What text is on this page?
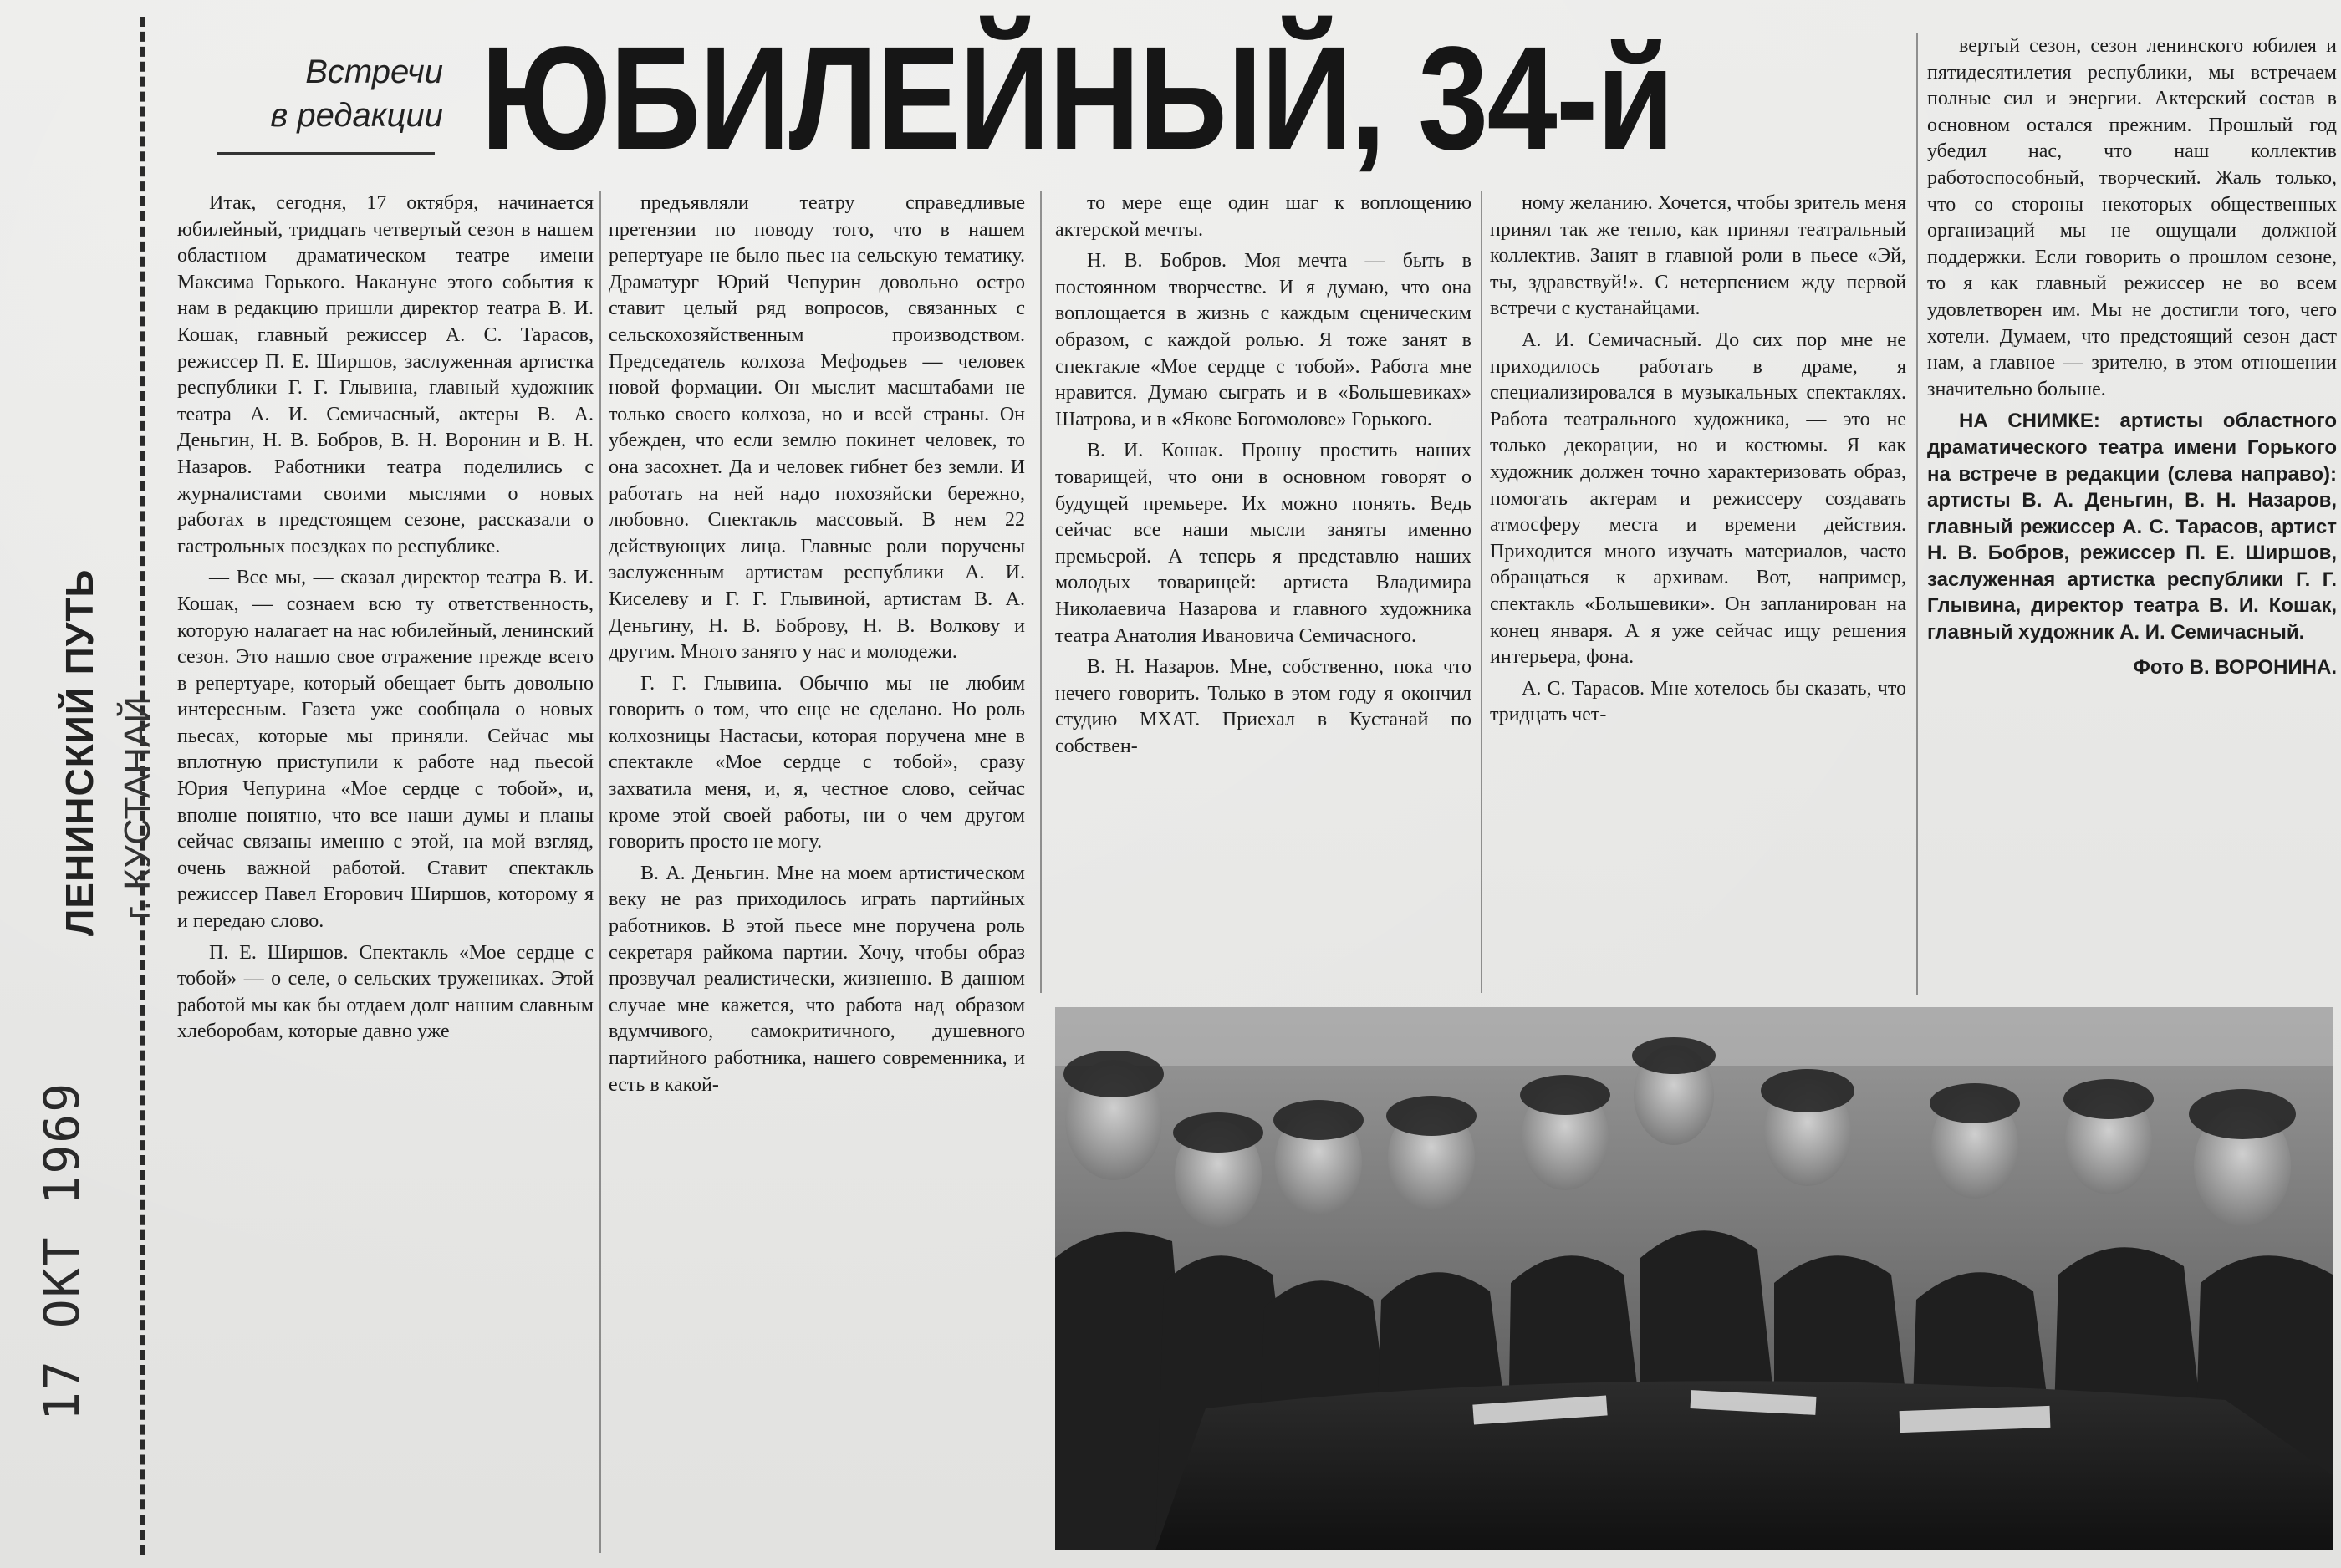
ЛЕНИНСКИЙ ПУТЬ г. КУСТАНАЙ
17 ОКТ 1969
Встречи
в редакции ЮБИЛЕЙНЫЙ, 34-й

Итак, сегодня, 17 октября, начинается юбилейный, тридцать четвертый сезон в нашем областном драматическом театре имени Максима Горького. Накануне этого события к нам в редакцию пришли директор театра В. И. Кошак, главный режиссер А. С. Тарасов, режиссер П. Е. Ширшов, заслуженная артистка республики Г. Г. Глывина, главный художник театра А. И. Семичасный, актеры В. А. Деньгин, Н. В. Бобров, В. Н. Воронин и В. Н. Назаров. Работники театра поделились с журналистами своими мыслями о новых работах в предстоящем сезоне, рассказали о гастрольных поездках по республике.

— Все мы, — сказал директор театра В. И. Кошак, — сознаем всю ту ответственность, которую налагает на нас юбилейный, ленинский сезон. Это нашло свое отражение прежде всего в репертуаре, который обещает быть довольно интересным. Газета уже сообщала о новых пьесах, которые мы приняли. Сейчас мы вплотную приступили к работе над пьесой Юрия Чепурина «Мое сердце с тобой», и, вполне понятно, что все наши думы и планы сейчас связаны именно с этой, на мой взгляд, очень важной работой. Ставит спектакль режиссер Павел Егорович Ширшов, которому я и передаю слово.

П. Е. Ширшов. Спектакль «Мое сердце с тобой» — о селе, о сельских тружениках. Этой работой мы как бы отдаем долг нашим славным хлеборобам, которые давно уже

предъявляли театру справедливые претензии по поводу того, что в нашем репертуаре не было пьес на сельскую тематику. Драматург Юрий Чепурин довольно остро ставит целый ряд вопросов, связанных с сельскохозяйственным производством. Председатель колхоза Мефодьев — человек новой формации. Он мыслит масштабами не только своего колхоза, но и всей страны. Он убежден, что если землю покинет человек, то она засохнет. Да и человек гибнет без земли. И работать на ней надо похозяйски бережно, любовно. Спектакль массовый. В нем 22 действующих лица. Главные роли поручены заслуженным артистам республики А. И. Киселеву и Г. Г. Глывиной, артистам В. А. Деньгину, Н. В. Боброву, Н. В. Волкову и другим. Много занято у нас и молодежи.

Г. Г. Глывина. Обычно мы не любим говорить о том, что еще не сделано. Но роль колхозницы Настасьи, которая поручена мне в спектакле «Мое сердце с тобой», сразу захватила меня, и, я, честное слово, сейчас кроме этой своей работы, ни о чем другом говорить просто не могу.

В. А. Деньгин. Мне на моем артистическом веку не раз приходилось играть партийных работников. В этой пьесе мне поручена роль секретаря райкома партии. Хочу, чтобы образ прозвучал реалистически, жизненно. В данном случае мне кажется, что работа над образом вдумчивого, самокритичного, душевного партийного работника, нашего современника, и есть в какой-

то мере еще один шаг к воплощению актерской мечты.

Н. В. Бобров. Моя мечта — быть в постоянном творчестве. И я думаю, что она воплощается в жизнь с каждым сценическим образом, с каждой ролью. Я тоже занят в спектакле «Мое сердце с тобой». Работа мне нравится. Думаю сыграть и в «Большевиках» Шатрова, и в «Якове Богомолове» Горького.

В. И. Кошак. Прошу простить наших товарищей, что они в основном говорят о будущей премьере. Их можно понять. Ведь сейчас все наши мысли заняты именно премьерой. А теперь я представлю наших молодых товарищей: артиста Владимира Николаевича Назарова и главного художника театра Анатолия Ивановича Семичасного.

В. Н. Назаров. Мне, собственно, пока что нечего говорить. Только в этом году я окончил студию МХАТ. Приехал в Кустанай по собствен-

ному желанию. Хочется, чтобы зритель меня принял так же тепло, как принял театральный коллектив. Занят в главной роли в пьесе «Эй, ты, здравствуй!». С нетерпением жду первой встречи с кустанайцами.

А. И. Семичасный. До сих пор мне не приходилось работать в драме, я специализировался в музыкальных спектаклях. Работа театрального художника, — это не только декорации, но и костюмы. Я как художник должен точно характеризовать образ, помогать актерам и режиссеру создавать атмосферу места и времени действия. Приходится много изучать материалов, часто обращаться к архивам. Вот, например, спектакль «Большевики». Он запланирован на конец января. А я уже сейчас ищу решения интерьера, фона.

А. С. Тарасов. Мне хотелось бы сказать, что тридцать чет-

вертый сезон, сезон ленинского юбилея и пятидесятилетия республики, мы встречаем полные сил и энергии. Актерский состав в основном остался прежним. Прошлый год убедил нас, что наш коллектив работоспособный, творческий. Жаль только, что со стороны некоторых общественных организаций мы не ощущали должной поддержки. Если говорить о прошлом сезоне, то я как главный режиссер не во всем удовлетворен им. Мы не достигли того, чего хотели. Думаем, что предстоящий сезон даст нам, а главное — зрителю, в этом отношении значительно больше.

НА СНИМКЕ: артисты областного драматического театра имени Горького на встрече в редакции (слева направо): артисты В. А. Деньгин, В. Н. Назаров, главный режиссер А. С. Тарасов, артист Н. В. Бобров, режиссер П. Е. Ширшов, заслуженная артистка республики Г. Г. Глывина, директор театра В. И. Кошак, главный художник А. И. Семичасный.

Фото В. ВОРОНИНА.
